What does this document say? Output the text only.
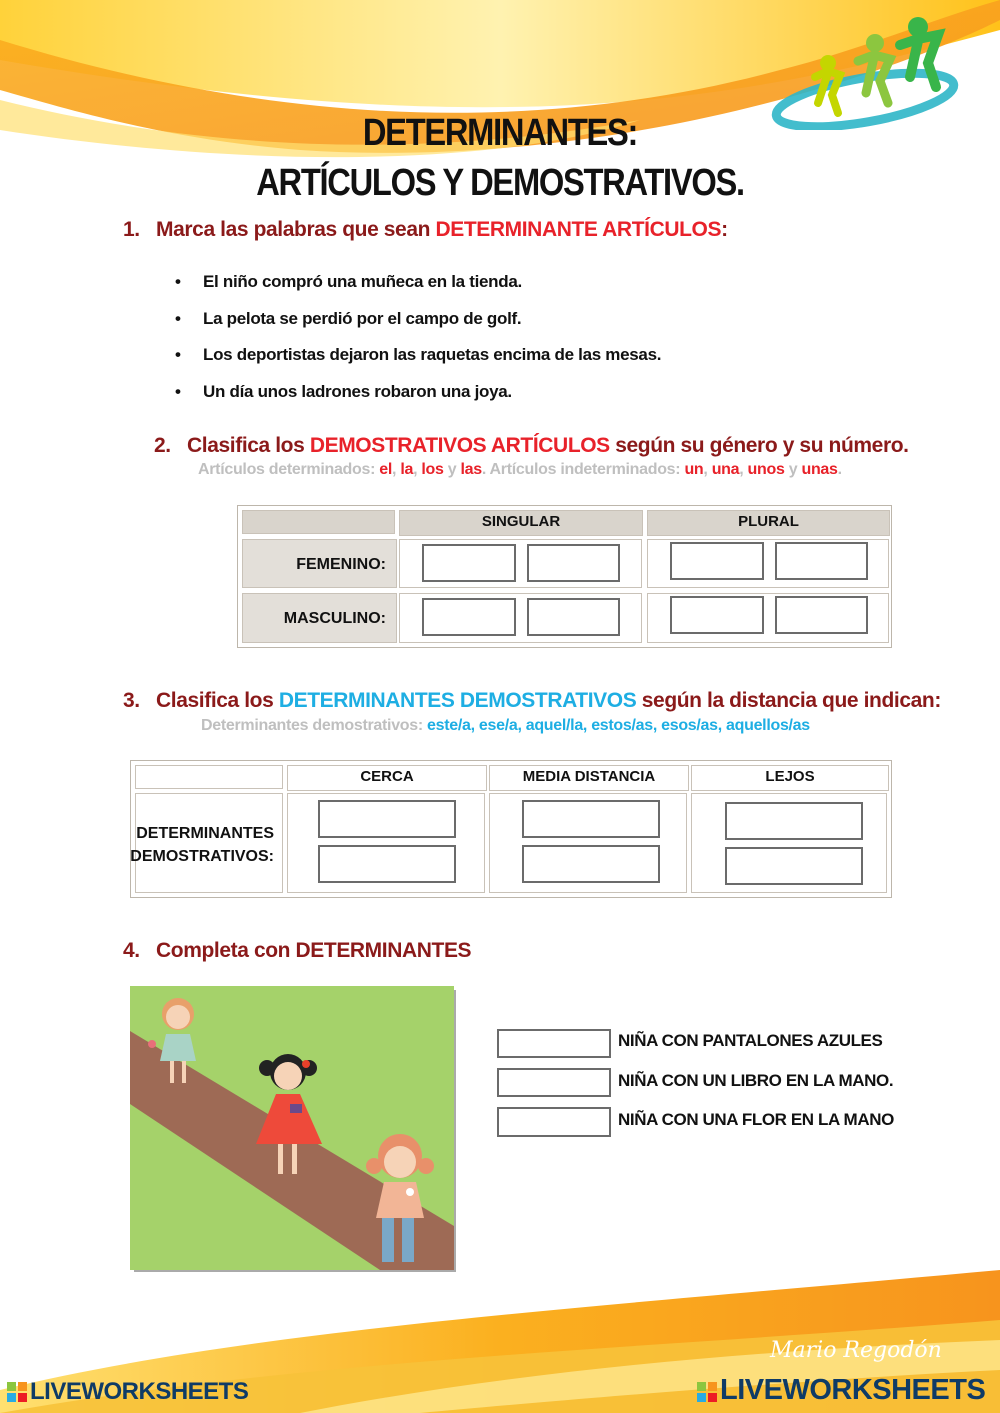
DETERMINANTES:
ARTÍCULOS Y DEMOSTRATIVOS.
1. Marca las palabras que sean DETERMINANTE ARTÍCULOS:
• El niño compró una muñeca en la tienda.
• La pelota se perdió por el campo de golf.
• Los deportistas dejaron las raquetas encima de las mesas.
• Un día unos ladrones robaron una joya.
2. Clasifica los DEMOSTRATIVOS ARTÍCULOS según su género y su número.
Artículos determinados: el, la, los y las. Artículos indeterminados: un, una, unos y unas.
SINGULAR	PLURAL
FEMENINO:
MASCULINO:
3. Clasifica los DETERMINANTES DEMOSTRATIVOS según la distancia que indican:
Determinantes demostrativos: este/a, ese/a, aquel/la, estos/as, esos/as, aquellos/as
CERCA	MEDIA DISTANCIA	LEJOS
DETERMINANTES
DEMOSTRATIVOS:
4. Completa con DETERMINANTES
NIÑA CON PANTALONES AZULES
NIÑA CON UN LIBRO EN LA MANO.
NIÑA CON UNA FLOR EN LA MANO
Mario Regodón
LIVEWORKSHEETS	LIVEWORKSHEETS
